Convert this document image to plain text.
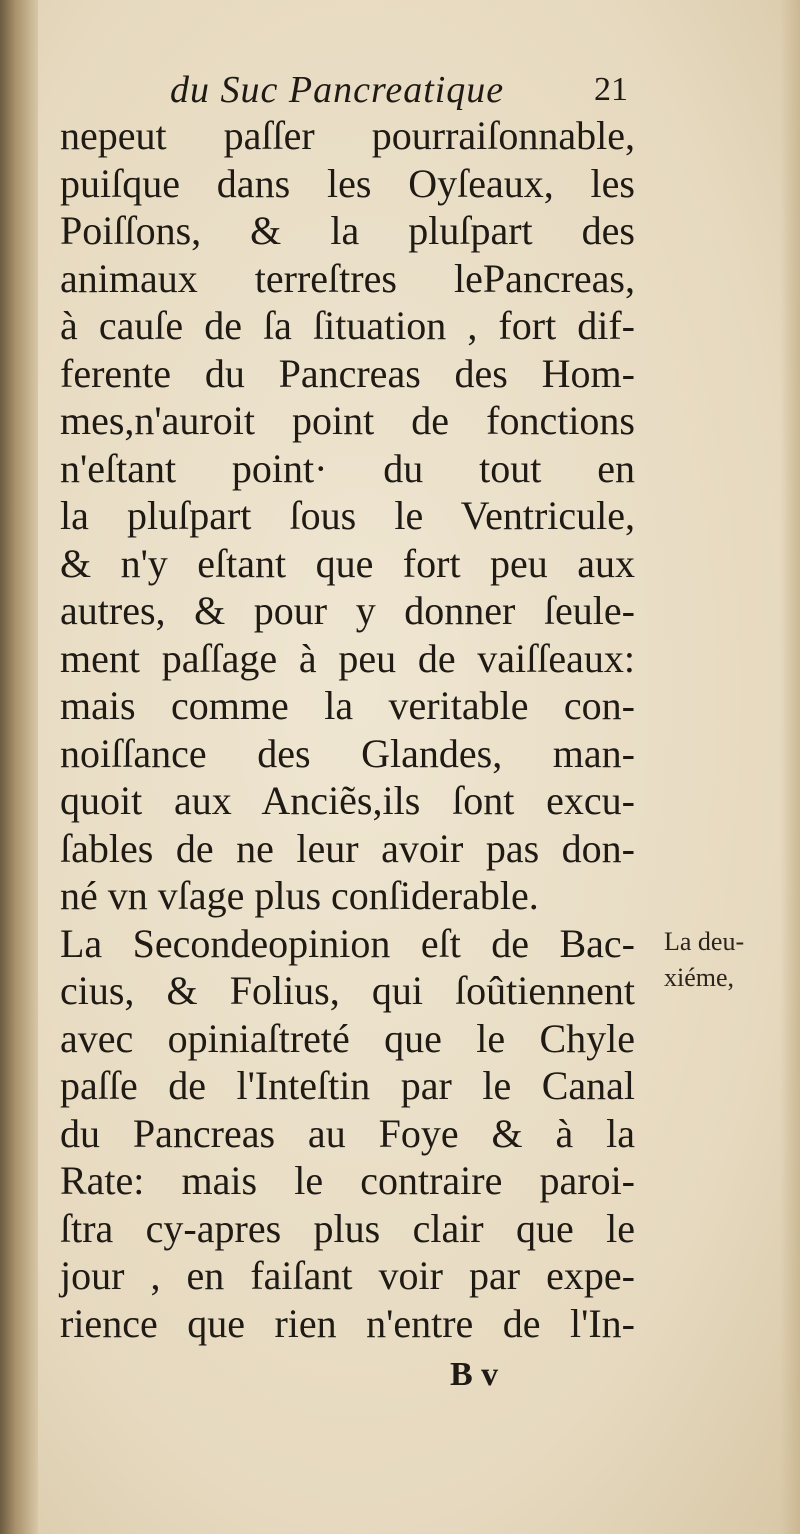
du Suc Pancreatique	21
nepeut paſſer pourraiſonnable,
puiſque dans les Oyſeaux, les
Poiſſons, & la pluſpart des
animaux terreſtres lePancreas,
à cauſe de ſa ſituation , fort dif-
ferente du Pancreas des Hom-
mes,n'auroit point de fonctions
n'eſtant point· du tout en
la pluſpart ſous le Ventricule,
& n'y eſtant que fort peu aux
autres, & pour y donner ſeule-
ment paſſage à peu de vaiſſeaux:
mais comme la veritable con-
noiſſance des Glandes, man-
quoit aux Anciẽs,ils ſont excu-
ſables de ne leur avoir pas don-
né vn vſage plus conſiderable.
La Secondeopinion eſt de Bac-
cius, & Folius, qui ſoûtiennent
avec opiniaſtreté que le Chyle
paſſe de l'Inteſtin par le Canal
du Pancreas au Foye & à la
Rate: mais le contraire paroi-
ſtra cy-apres plus clair que le
jour , en faiſant voir par expe-
rience que rien n'entre de l'In-
La deu-
xiéme,
B v
